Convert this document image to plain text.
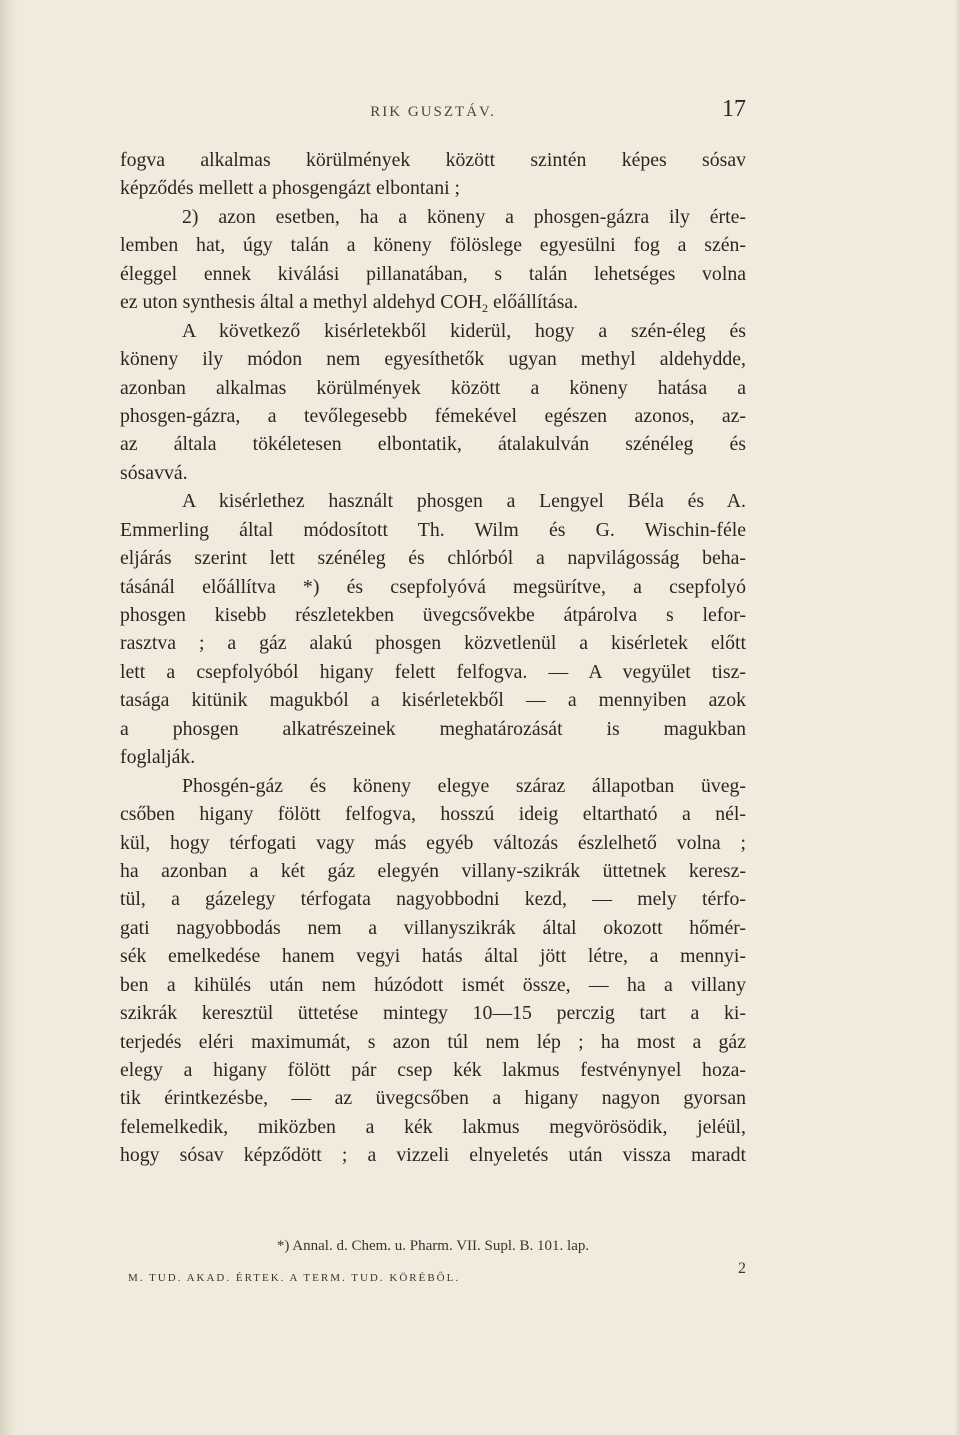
RIK GUSZTÁV.	17
fogva alkalmas körülmények között szintén képes sósav
képződés mellett a phosgengázt elbontani ;
2) azon esetben, ha a köneny a phosgen-gázra ily érte-
lemben hat, úgy talán a köneny fölöslege egyesülni fog a szén-
éleggel ennek kiválási pillanatában, s talán lehetséges volna
ez uton synthesis által a methyl aldehyd $COH_2$ előállítása.
A következő kisérletekből kiderül, hogy a szén-éleg és
köneny ily módon nem egyesíthetők ugyan methyl aldehydde,
azonban alkalmas körülmények között a köneny hatása a
phosgen-gázra, a tevőlegesebb fémekével egészen azonos, az-
az általa tökéletesen elbontatik, átalakulván szénéleg és
sósavvá.
A kisérlethez használt phosgen a Lengyel Béla és A.
Emmerling által módosított Th. Wilm és G. Wischin-féle
eljárás szerint lett szénéleg és chlórból a napvilágosság beha-
tásánál előállítva *) és csepfolyóvá megsürítve, a csepfolyó
phosgen kisebb részletekben üvegcsővekbe átpárolva s lefor-
rasztva ; a gáz alakú phosgen közvetlenül a kisérletek előtt
lett a csepfolyóból higany felett felfogva. — A vegyület tisz-
tasága kitünik magukból a kisérletekből — a mennyiben azok
a phosgen alkatrészeinek meghatározását is magukban
foglalják.
Phosgén-gáz és köneny elegye száraz állapotban üveg-
csőben higany fölött felfogva, hosszú ideig eltartható a nél-
kül, hogy térfogati vagy más egyéb változás észlelhető volna ;
ha azonban a két gáz elegyén villany-szikrák üttetnek keresz-
tül, a gázelegy térfogata nagyobbodni kezd, — mely térfo-
gati nagyobbodás nem a villanyszikrák által okozott hőmér-
sék emelkedése hanem vegyi hatás által jött létre, a mennyi-
ben a kihülés után nem húzódott ismét össze, — ha a villany
szikrák keresztül üttetése mintegy 10—15 perczig tart a ki-
terjedés eléri maximumát, s azon túl nem lép ; ha most a gáz
elegy a higany fölött pár csep kék lakmus festvénynyel hoza-
tik érintkezésbe, — az üvegcsőben a higany nagyon gyorsan
felemelkedik, miközben a kék lakmus megvörösödik, jeléül,
hogy sósav képződött ; a vizzeli elnyeletés után vissza maradt
*) Annal. d. Chem. u. Pharm. VII. Supl. B. 101. lap.
M. TUD. AKAD. ÉRTEK. A TERM. TUD. KÖRÉBŐL.
2
